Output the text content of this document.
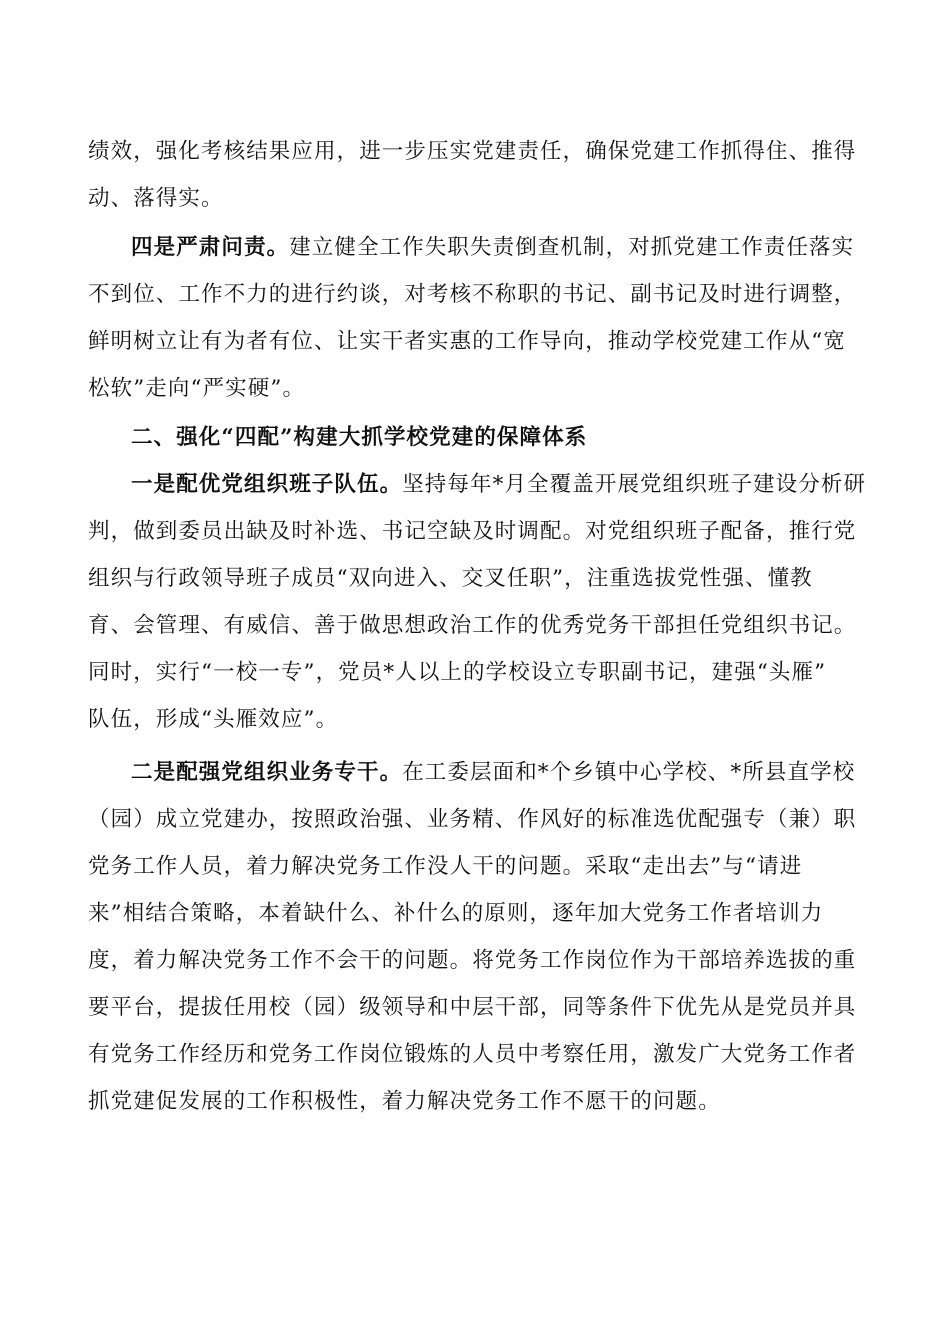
绩效，强化考核结果应用，进一步压实党建责任，确保党建工作抓得住、推得
动、落得实。

四是严肃问责。建立健全工作失职失责倒查机制，对抓党建工作责任落实
不到位、工作不力的进行约谈，对考核不称职的书记、副书记及时进行调整，
鲜明树立让有为者有位、让实干者实惠的工作导向，推动学校党建工作从“宽
松软”走向“严实硬”。

二、强化“四配”构建大抓学校党建的保障体系

一是配优党组织班子队伍。坚持每年*月全覆盖开展党组织班子建设分析研
判，做到委员出缺及时补选、书记空缺及时调配。对党组织班子配备，推行党
组织与行政领导班子成员“双向进入、交叉任职”，注重选拔党性强、懂教
育、会管理、有威信、善于做思想政治工作的优秀党务干部担任党组织书记。
同时，实行“一校一专”，党员*人以上的学校设立专职副书记，建强“头雁”
队伍，形成“头雁效应”。

二是配强党组织业务专干。在工委层面和*个乡镇中心学校、*所县直学校
（园）成立党建办，按照政治强、业务精、作风好的标准选优配强专（兼）职
党务工作人员，着力解决党务工作没人干的问题。采取“走出去”与“请进
来”相结合策略，本着缺什么、补什么的原则，逐年加大党务工作者培训力
度，着力解决党务工作不会干的问题。将党务工作岗位作为干部培养选拔的重
要平台，提拔任用校（园）级领导和中层干部，同等条件下优先从是党员并具
有党务工作经历和党务工作岗位锻炼的人员中考察任用，激发广大党务工作者
抓党建促发展的工作积极性，着力解决党务工作不愿干的问题。
